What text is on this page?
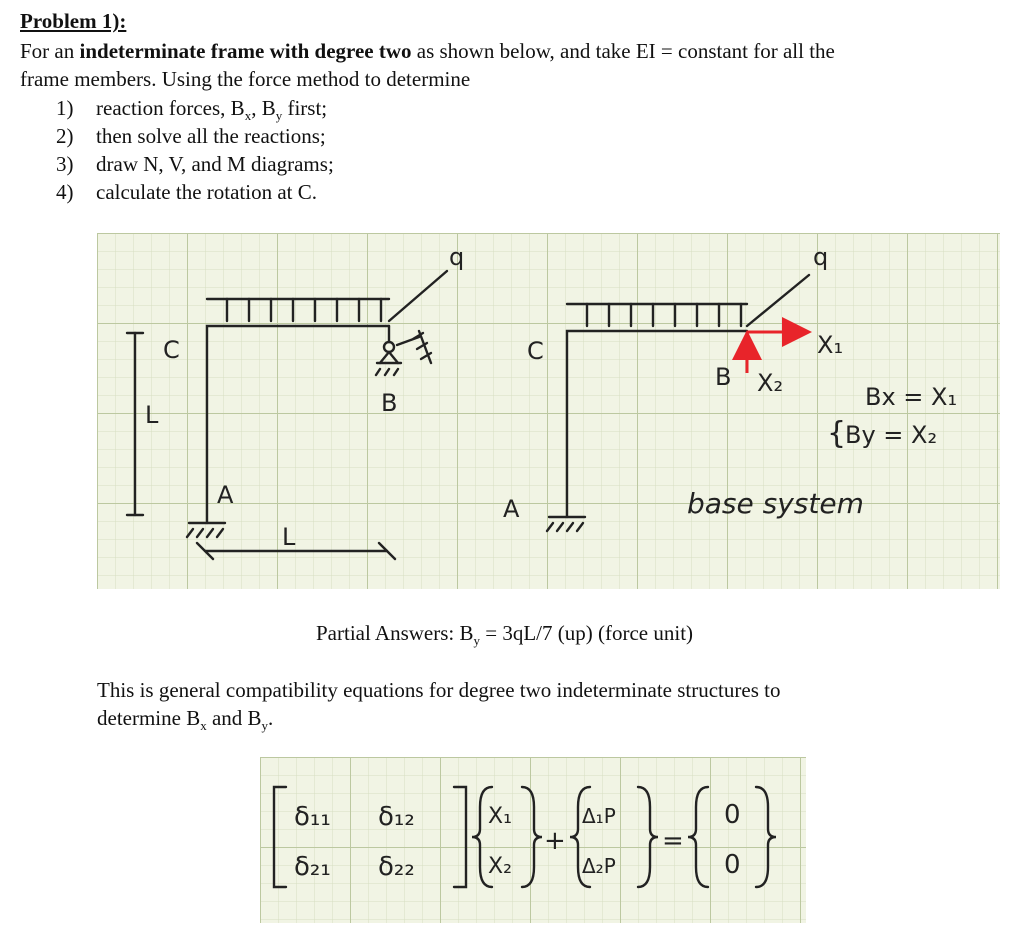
Problem 1):
For an indeterminate frame with degree two as shown below, and take EI = constant for all the
frame members. Using the force method to determine
1) reaction forces, $B_x$, $B_y$ first;
2) then solve all the reactions;
3) draw N, V, and M diagrams;
4) calculate the rotation at C.
C
B
A
L
L
q
C
B
A
X₁
X₂
q
{
Bx = X₁
By = X₂
base system
Partial Answers: $B_y = 3qL/7$ (up) (force unit)
This is general compatibility equations for degree two indeterminate structures to
determine $B_x$ and $B_y$.
δ₁₁ δ₁₂
δ₂₁ δ₂₂
X₁
X₂
+
Δ₁P
Δ₂P
=
0
0
